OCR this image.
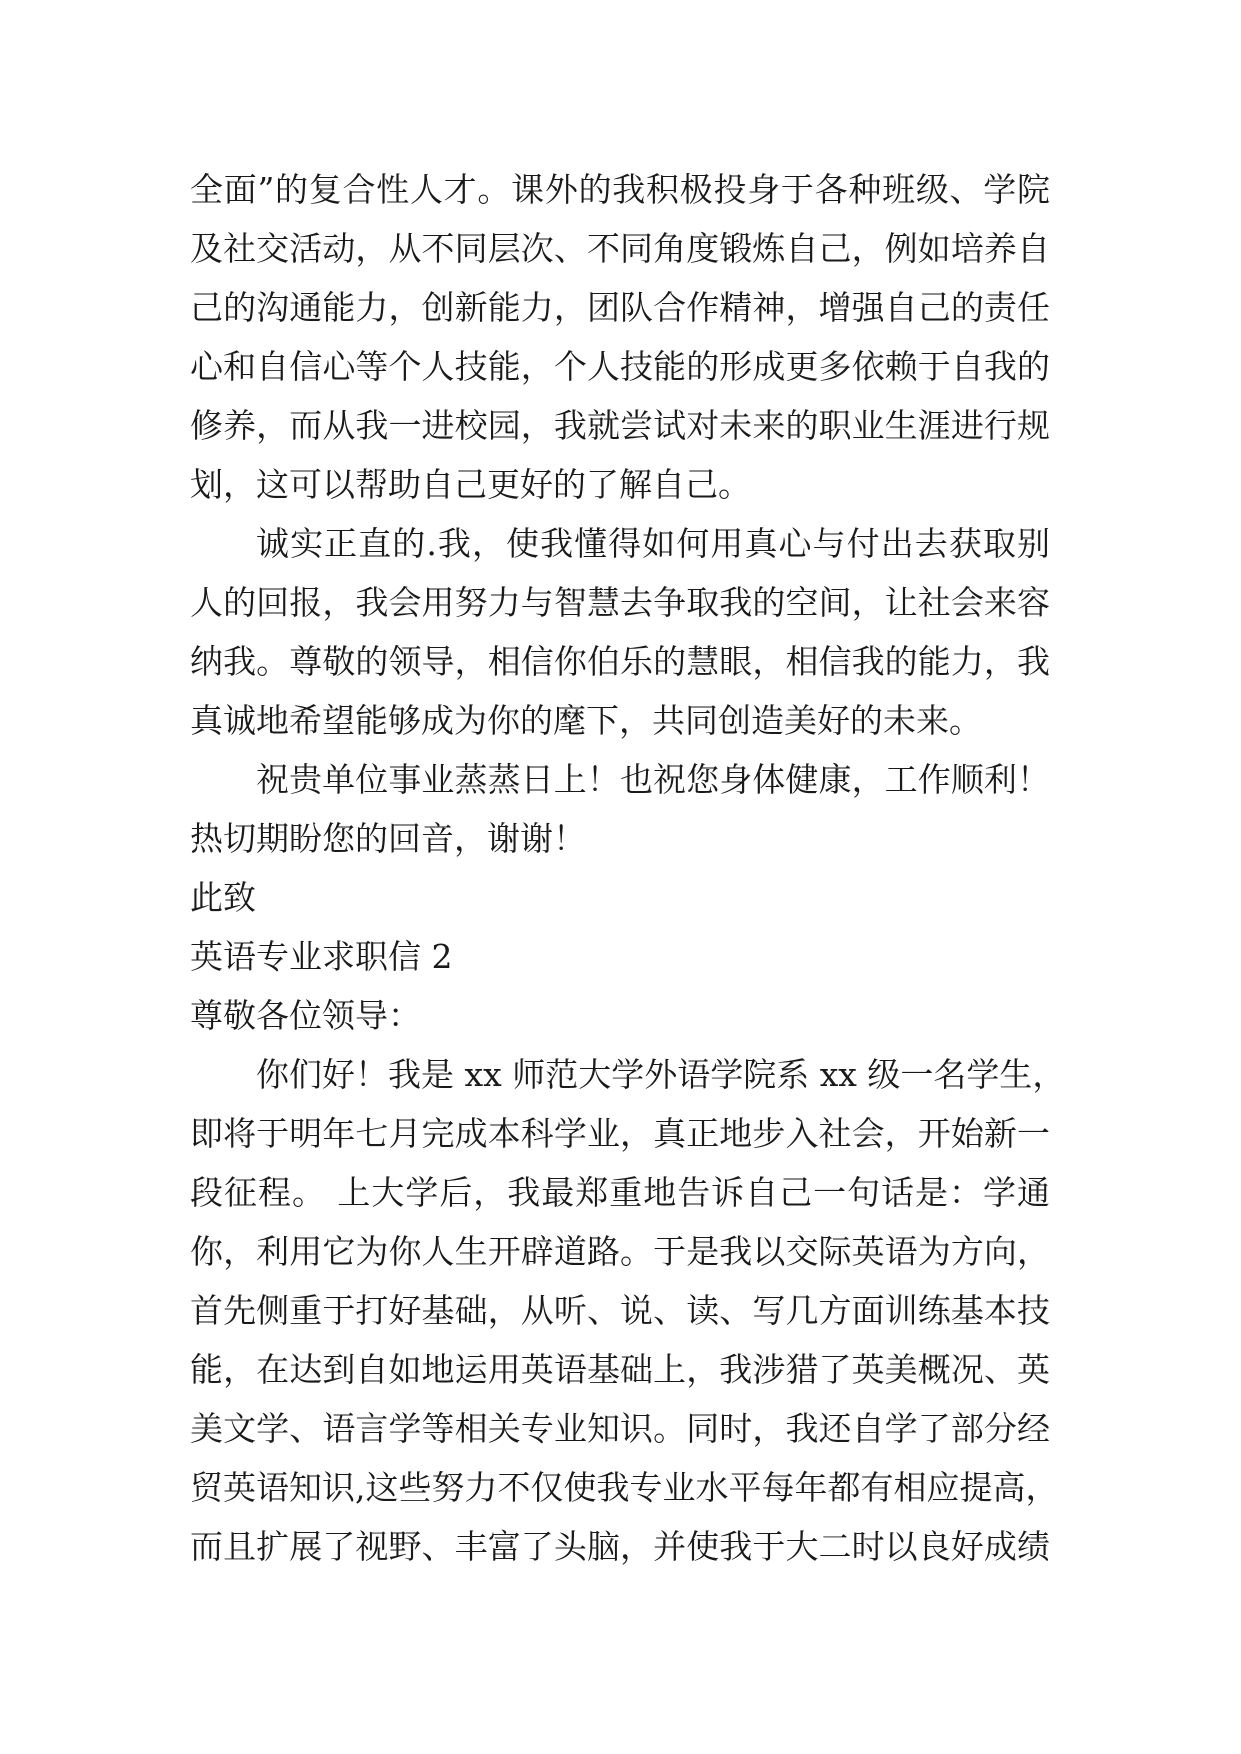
全面”的复合性人才。课外的我积极投身于各种班级、学院
及社交活动，从不同层次、不同角度锻炼自己，例如培养自
己的沟通能力，创新能力，团队合作精神，增强自己的责任
心和自信心等个人技能，个人技能的形成更多依赖于自我的
修养，而从我一进校园，我就尝试对未来的职业生涯进行规
划，这可以帮助自己更好的了解自己。
诚实正直的.我，使我懂得如何用真心与付出去获取别
人的回报，我会用努力与智慧去争取我的空间，让社会来容
纳我。尊敬的领导，相信你伯乐的慧眼，相信我的能力，我
真诚地希望能够成为你的麾下，共同创造美好的未来。
祝贵单位事业蒸蒸日上！也祝您身体健康，工作顺利！
热切期盼您的回音，谢谢！
此致
英语专业求职信 2
尊敬各位领导：
你们好！我是 xx 师范大学外语学院系 xx 级一名学生，
即将于明年七月完成本科学业，真正地步入社会，开始新一
段征程。 上大学后，我最郑重地告诉自己一句话是：学通
你，利用它为你人生开辟道路。于是我以交际英语为方向，
首先侧重于打好基础，从听、说、读、写几方面训练基本技
能，在达到自如地运用英语基础上，我涉猎了英美概况、英
美文学、语言学等相关专业知识。同时，我还自学了部分经
贸英语知识,这些努力不仅使我专业水平每年都有相应提高，
而且扩展了视野、丰富了头脑，并使我于大二时以良好成绩
